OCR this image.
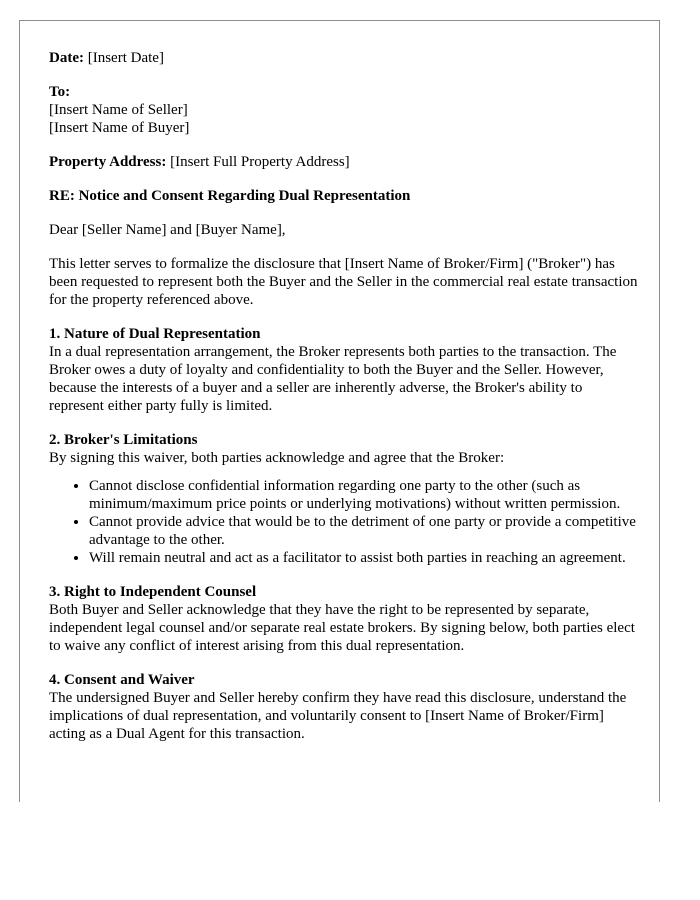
Date: [Insert Date]

To:
[Insert Name of Seller]
[Insert Name of Buyer]

Property Address: [Insert Full Property Address]

RE: Notice and Consent Regarding Dual Representation

Dear [Seller Name] and [Buyer Name],

This letter serves to formalize the disclosure that [Insert Name of Broker/Firm] ("Broker") has been requested to represent both the Buyer and the Seller in the commercial real estate transaction for the property referenced above.

1. Nature of Dual Representation
In a dual representation arrangement, the Broker represents both parties to the transaction. The Broker owes a duty of loyalty and confidentiality to both the Buyer and the Seller. However, because the interests of a buyer and a seller are inherently adverse, the Broker's ability to represent either party fully is limited.

2. Broker's Limitations
By signing this waiver, both parties acknowledge and agree that the Broker:

• Cannot disclose confidential information regarding one party to the other (such as minimum/maximum price points or underlying motivations) without written permission.
• Cannot provide advice that would be to the detriment of one party or provide a competitive advantage to the other.
• Will remain neutral and act as a facilitator to assist both parties in reaching an agreement.

3. Right to Independent Counsel
Both Buyer and Seller acknowledge that they have the right to be represented by separate, independent legal counsel and/or separate real estate brokers. By signing below, both parties elect to waive any conflict of interest arising from this dual representation.

4. Consent and Waiver
The undersigned Buyer and Seller hereby confirm they have read this disclosure, understand the implications of dual representation, and voluntarily consent to [Insert Name of Broker/Firm] acting as a Dual Agent for this transaction.
